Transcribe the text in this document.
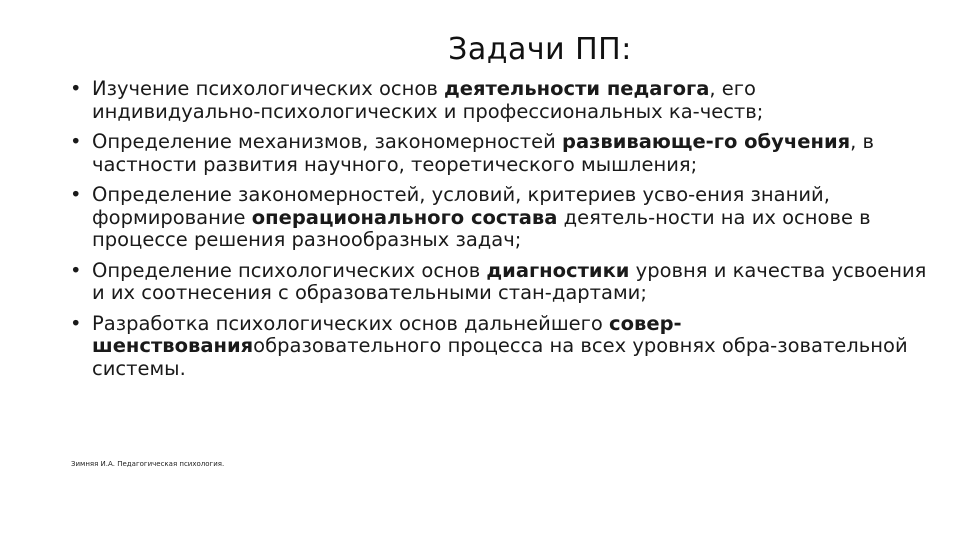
Задачи ПП:
• Изучение психологических основ деятельности педагога, его индивидуально-психологических и профессиональных ка-честв;
• Определение механизмов, закономерностей развивающе-го обучения, в частности развития научного, теоретического мышления;
• Определение закономерностей, условий, критериев усво-ения знаний, формирование операционального состава деятель-ности на их основе в процессе решения разнообразных задач;
• Определение психологических основ диагностики уровня и качества усвоения и их соотнесения с образовательными стан-дартами;
• Разработка психологических основ дальнейшего совер-шенствованияобразовательного процесса на всех уровнях обра-зовательной системы.
Зимняя И.А. Педагогическая психология.
